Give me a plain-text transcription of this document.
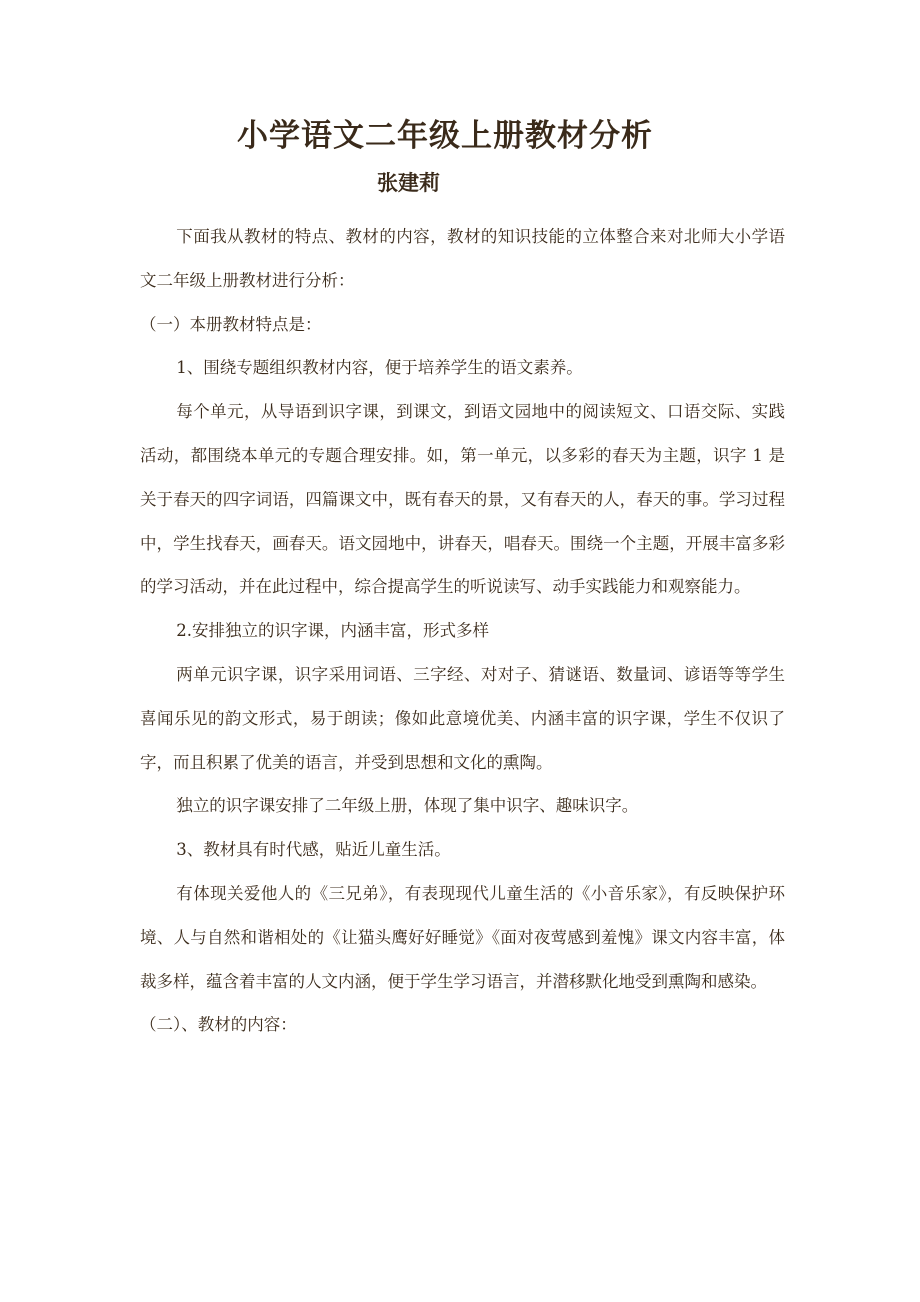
小学语文二年级上册教材分析
张建莉

下面我从教材的特点、教材的内容，教材的知识技能的立体整合来对北师大小学语文二年级上册教材进行分析：

（一）本册教材特点是：

1、围绕专题组织教材内容，便于培养学生的语文素养。

每个单元，从导语到识字课，到课文，到语文园地中的阅读短文、口语交际、实践活动，都围绕本单元的专题合理安排。如，第一单元，以多彩的春天为主题，识字 1 是关于春天的四字词语，四篇课文中，既有春天的景，又有春天的人，春天的事。学习过程中，学生找春天，画春天。语文园地中，讲春天，唱春天。围绕一个主题，开展丰富多彩的学习活动，并在此过程中，综合提高学生的听说读写、动手实践能力和观察能力。

2.安排独立的识字课，内涵丰富，形式多样

两单元识字课，识字采用词语、三字经、对对子、猜谜语、数量词、谚语等等学生喜闻乐见的韵文形式，易于朗读；像如此意境优美、内涵丰富的识字课，学生不仅识了字，而且积累了优美的语言，并受到思想和文化的熏陶。

独立的识字课安排了二年级上册，体现了集中识字、趣味识字。

3、教材具有时代感，贴近儿童生活。

有体现关爱他人的《三兄弟》，有表现现代儿童生活的《小音乐家》，有反映保护环境、人与自然和谐相处的《让猫头鹰好好睡觉》《面对夜莺感到羞愧》课文内容丰富，体裁多样，蕴含着丰富的人文内涵，便于学生学习语言，并潜移默化地受到熏陶和感染。

（二）、教材的内容：
